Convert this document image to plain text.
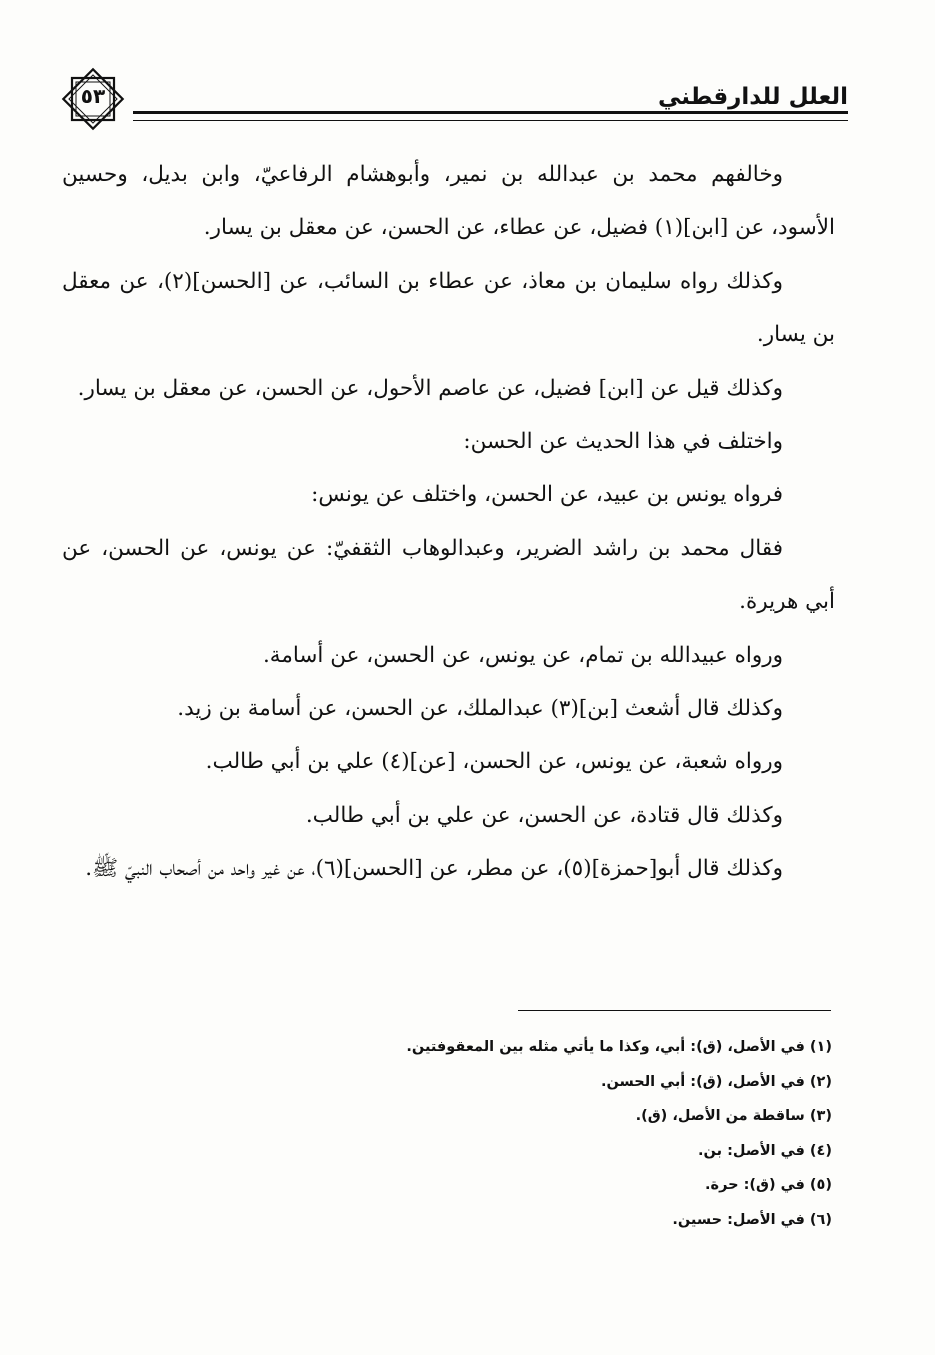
العلل للدارقطني
٥٣

وخالفهم محمد بن عبدالله بن نمير، وأبوهشام الرفاعيّ، وابن بديل، وحسين الأسود، عن [ابن](١) فضيل، عن عطاء، عن الحسن، عن معقل بن يسار.

وكذلك رواه سليمان بن معاذ، عن عطاء بن السائب، عن [الحسن](٢)، عن معقل بن يسار.

وكذلك قيل عن [ابن] فضيل، عن عاصم الأحول، عن الحسن، عن معقل بن يسار.

واختلف في هذا الحديث عن الحسن:

فرواه يونس بن عبيد، عن الحسن، واختلف عن يونس:

فقال محمد بن راشد الضرير، وعبدالوهاب الثقفيّ: عن يونس، عن الحسن، عن أبي هريرة.

ورواه عبيدالله بن تمام، عن يونس، عن الحسن، عن أسامة.

وكذلك قال أشعث [بن](٣) عبدالملك، عن الحسن، عن أسامة بن زيد.

ورواه شعبة، عن يونس، عن الحسن، [عن](٤) علي بن أبي طالب.

وكذلك قال قتادة، عن الحسن، عن علي بن أبي طالب.

وكذلك قال أبو[حمزة](٥)، عن مطر، عن [الحسن](٦)، عن غير واحد من أصحاب النبيّ ﷺ.

(١) في الأصل، (ق): أبي، وكذا ما يأتي مثله بين المعقوفتين.
(٢) في الأصل، (ق): أبي الحسن.
(٣) ساقطة من الأصل، (ق).
(٤) في الأصل: بن.
(٥) في (ق): حرة.
(٦) في الأصل: حسين.
